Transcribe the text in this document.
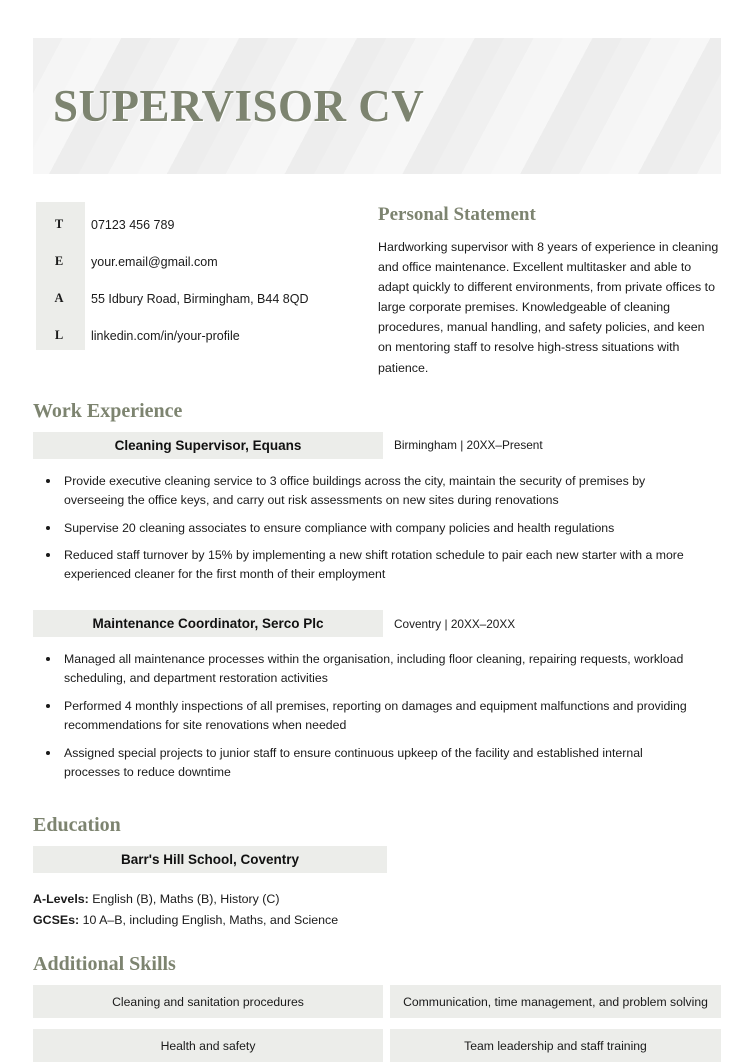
SUPERVISOR CV
T	07123 456 789
E	your.email@gmail.com
A	55 Idbury Road, Birmingham, B44 8QD
L	linkedin.com/in/your-profile
Personal Statement
Hardworking supervisor with 8 years of experience in cleaning and office maintenance. Excellent multitasker and able to adapt quickly to different environments, from private offices to large corporate premises. Knowledgeable of cleaning procedures, manual handling, and safety policies, and keen on mentoring staff to resolve high-stress situations with patience.
Work Experience
Cleaning Supervisor, Equans	Birmingham | 20XX–Present
Provide executive cleaning service to 3 office buildings across the city, maintain the security of premises by overseeing the office keys, and carry out risk assessments on new sites during renovations
Supervise 20 cleaning associates to ensure compliance with company policies and health regulations
Reduced staff turnover by 15% by implementing a new shift rotation schedule to pair each new starter with a more experienced cleaner for the first month of their employment
Maintenance Coordinator, Serco Plc	Coventry | 20XX–20XX
Managed all maintenance processes within the organisation, including floor cleaning, repairing requests, workload scheduling, and department restoration activities
Performed 4 monthly inspections of all premises, reporting on damages and equipment malfunctions and providing recommendations for site renovations when needed
Assigned special projects to junior staff to ensure continuous upkeep of the facility and established internal processes to reduce downtime
Education
Barr's Hill School, Coventry
A-Levels: English (B), Maths (B), History (C)
GCSEs: 10 A–B, including English, Maths, and Science
Additional Skills
Cleaning and sanitation procedures	Communication, time management, and problem solving
Health and safety	Team leadership and staff training
